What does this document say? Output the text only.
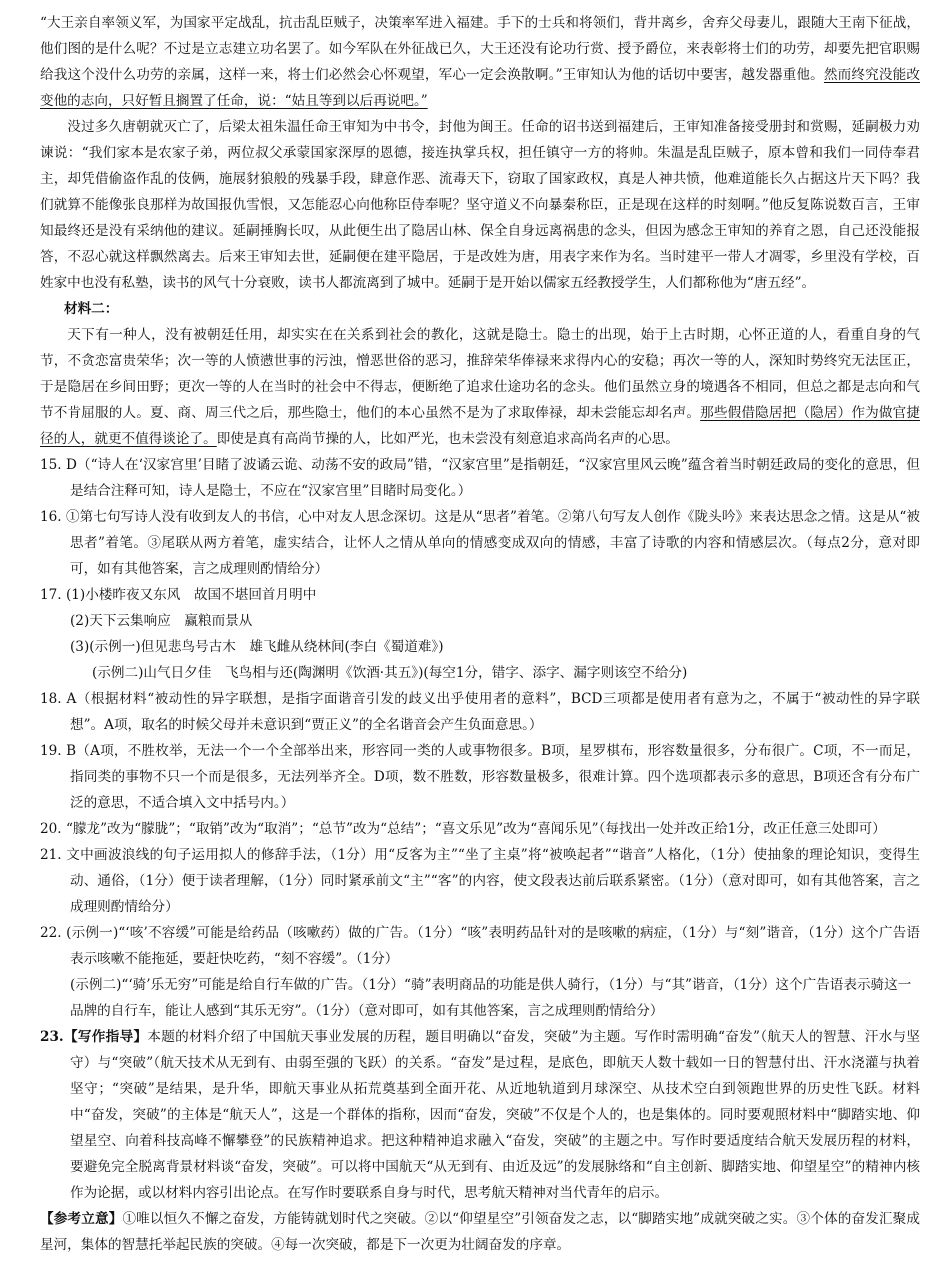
“大王亲自率领义军，为国家平定战乱，抗击乱臣贼子，决策率军进入福建。手下的士兵和将领们，背井离乡，舍弃父母妻儿，跟随大王南下征战，他们图的是什么呢？不过是立志建立功名罢了。如今军队在外征战已久，大王还没有论功行赏、授予爵位，来表彰将士们的功劳，却要先把官职赐给我这个没什么功劳的亲属，这样一来，将士们必然会心怀观望，军心一定会涣散啊。”王审知认为他的话切中要害，越发器重他。然而终究没能改变他的志向，只好暂且搁置了任命，说：“姑且等到以后再说吧。”

没过多久唐朝就灭亡了，后梁太祖朱温任命王审知为中书令，封他为闽王。任命的诏书送到福建后，王审知准备接受册封和赏赐，延嗣极力劝谏说：“我们家本是农家子弟，两位叔父承蒙国家深厚的恩德，接连执掌兵权，担任镇守一方的将帅。朱温是乱臣贼子，原本曾和我们一同侍奉君主，却凭借偷盗作乱的伎俩，施展豺狼般的残暴手段，肆意作恶、流毒天下，窃取了国家政权，真是人神共愤，他难道能长久占据这片天下吗？我们就算不能像张良那样为故国报仇雪恨，又怎能忍心向他称臣侍奉呢？坚守道义不向暴秦称臣，正是现在这样的时刻啊。”他反复陈说数百言，王审知最终还是没有采纳他的建议。延嗣捶胸长叹，从此便生出了隐居山林、保全自身远离祸患的念头，但因为感念王审知的养育之恩，自己还没能报答，不忍心就这样飘然离去。后来王审知去世，延嗣便在建平隐居，于是改姓为唐，用表字来作为名。当时建平一带人才凋零，乡里没有学校，百姓家中也没有私塾，读书的风气十分衰败，读书人都流离到了城中。延嗣于是开始以儒家五经教授学生，人们都称他为“唐五经”。

材料二：

天下有一种人，没有被朝廷任用，却实实在在关系到社会的教化，这就是隐士。隐士的出现，始于上古时期，心怀正道的人，看重自身的气节，不贪恋富贵荣华；次一等的人愤懑世事的污浊，憎恶世俗的恶习，推辞荣华俸禄来求得内心的安稳；再次一等的人，深知时势终究无法匡正，于是隐居在乡间田野；更次一等的人在当时的社会中不得志，便断绝了追求仕途功名的念头。他们虽然立身的境遇各不相同，但总之都是志向和气节不肯屈服的人。夏、商、周三代之后，那些隐士，他们的本心虽然不是为了求取俸禄，却未尝能忘却名声。那些假借隐居把（隐居）作为做官捷径的人，就更不值得谈论了。即使是真有高尚节操的人，比如严光，也未尝没有刻意追求高尚名声的心思。

15. D（“诗人在‘汉家宫里’目睹了波谲云诡、动荡不安的政局”错，“汉家宫里”是指朝廷，“汉家宫里风云晚”蕴含着当时朝廷政局的变化的意思，但是结合注释可知，诗人是隐士，不应在“汉家宫里”目睹时局变化。）

16. ①第七句写诗人没有收到友人的书信，心中对友人思念深切。这是从“思者”着笔。②第八句写友人创作《陇头吟》来表达思念之情。这是从“被思者”着笔。③尾联从两方着笔，虚实结合，让怀人之情从单向的情感变成双向的情感，丰富了诗歌的内容和情感层次。（每点2分，意对即可，如有其他答案，言之成理则酌情给分）

17. (1)小楼昨夜又东风　故国不堪回首月明中

(2)天下云集响应　赢粮而景从

(3)(示例一)但见悲鸟号古木　雄飞雌从绕林间(李白《蜀道难》)

(示例二)山气日夕佳　飞鸟相与还(陶渊明《饮酒·其五》)(每空1分，错字、添字、漏字则该空不给分)

18. A（根据材料“被动性的异字联想，是指字面谐音引发的歧义出乎使用者的意料”，BCD三项都是使用者有意为之，不属于“被动性的异字联想”。A项，取名的时候父母并未意识到“贾正义”的全名谐音会产生负面意思。）

19. B（A项，不胜枚举，无法一个一个全部举出来，形容同一类的人或事物很多。B项，星罗棋布，形容数量很多，分布很广。C项，不一而足，指同类的事物不只一个而是很多，无法列举齐全。D项，数不胜数，形容数量极多，很难计算。四个选项都表示多的意思，B项还含有分布广泛的意思，不适合填入文中括号内。）

20. “朦龙”改为“朦胧”；“取销”改为“取消”；“总节”改为“总结”；“喜文乐见”改为“喜闻乐见”（每找出一处并改正给1分，改正任意三处即可）

21. 文中画波浪线的句子运用拟人的修辞手法，（1分）用“反客为主”“坐了主桌”将“被唤起者”“谐音”人格化，（1分）使抽象的理论知识，变得生动、通俗，（1分）便于读者理解，（1分）同时紧承前文“主”“客”的内容，使文段表达前后联系紧密。（1分）（意对即可，如有其他答案，言之成理则酌情给分）

22. (示例一)“‘咳’不容缓”可能是给药品（咳嗽药）做的广告。（1分）“咳”表明药品针对的是咳嗽的病症，（1分）与“刻”谐音，（1分）这个广告语表示咳嗽不能拖延，要赶快吃药，“刻不容缓”。（1分）

(示例二)“‘骑’乐无穷”可能是给自行车做的广告。（1分）“骑”表明商品的功能是供人骑行，（1分）与“其”谐音，（1分）这个广告语表示骑这一品牌的自行车，能让人感到“其乐无穷”。（1分）（意对即可，如有其他答案，言之成理则酌情给分）

23.【写作指导】本题的材料介绍了中国航天事业发展的历程，题目明确以“奋发，突破”为主题。写作时需明确“奋发”（航天人的智慧、汗水与坚守）与“突破”（航天技术从无到有、由弱至强的飞跃）的关系。“奋发”是过程，是底色，即航天人数十载如一日的智慧付出、汗水浇灌与执着坚守；“突破”是结果，是升华，即航天事业从拓荒奠基到全面开花、从近地轨道到月球深空、从技术空白到领跑世界的历史性飞跃。材料中“奋发，突破”的主体是“航天人”，这是一个群体的指称，因而“奋发，突破”不仅是个人的，也是集体的。同时要观照材料中“脚踏实地、仰望星空、向着科技高峰不懈攀登”的民族精神追求。把这种精神追求融入“奋发，突破”的主题之中。写作时要适度结合航天发展历程的材料，要避免完全脱离背景材料谈“奋发，突破”。可以将中国航天“从无到有、由近及远”的发展脉络和“自主创新、脚踏实地、仰望星空”的精神内核作为论据，或以材料内容引出论点。在写作时要联系自身与时代，思考航天精神对当代青年的启示。

【参考立意】①唯以恒久不懈之奋发，方能铸就划时代之突破。②以“仰望星空”引领奋发之志，以“脚踏实地”成就突破之实。③个体的奋发汇聚成星河，集体的智慧托举起民族的突破。④每一次突破，都是下一次更为壮阔奋发的序章。
